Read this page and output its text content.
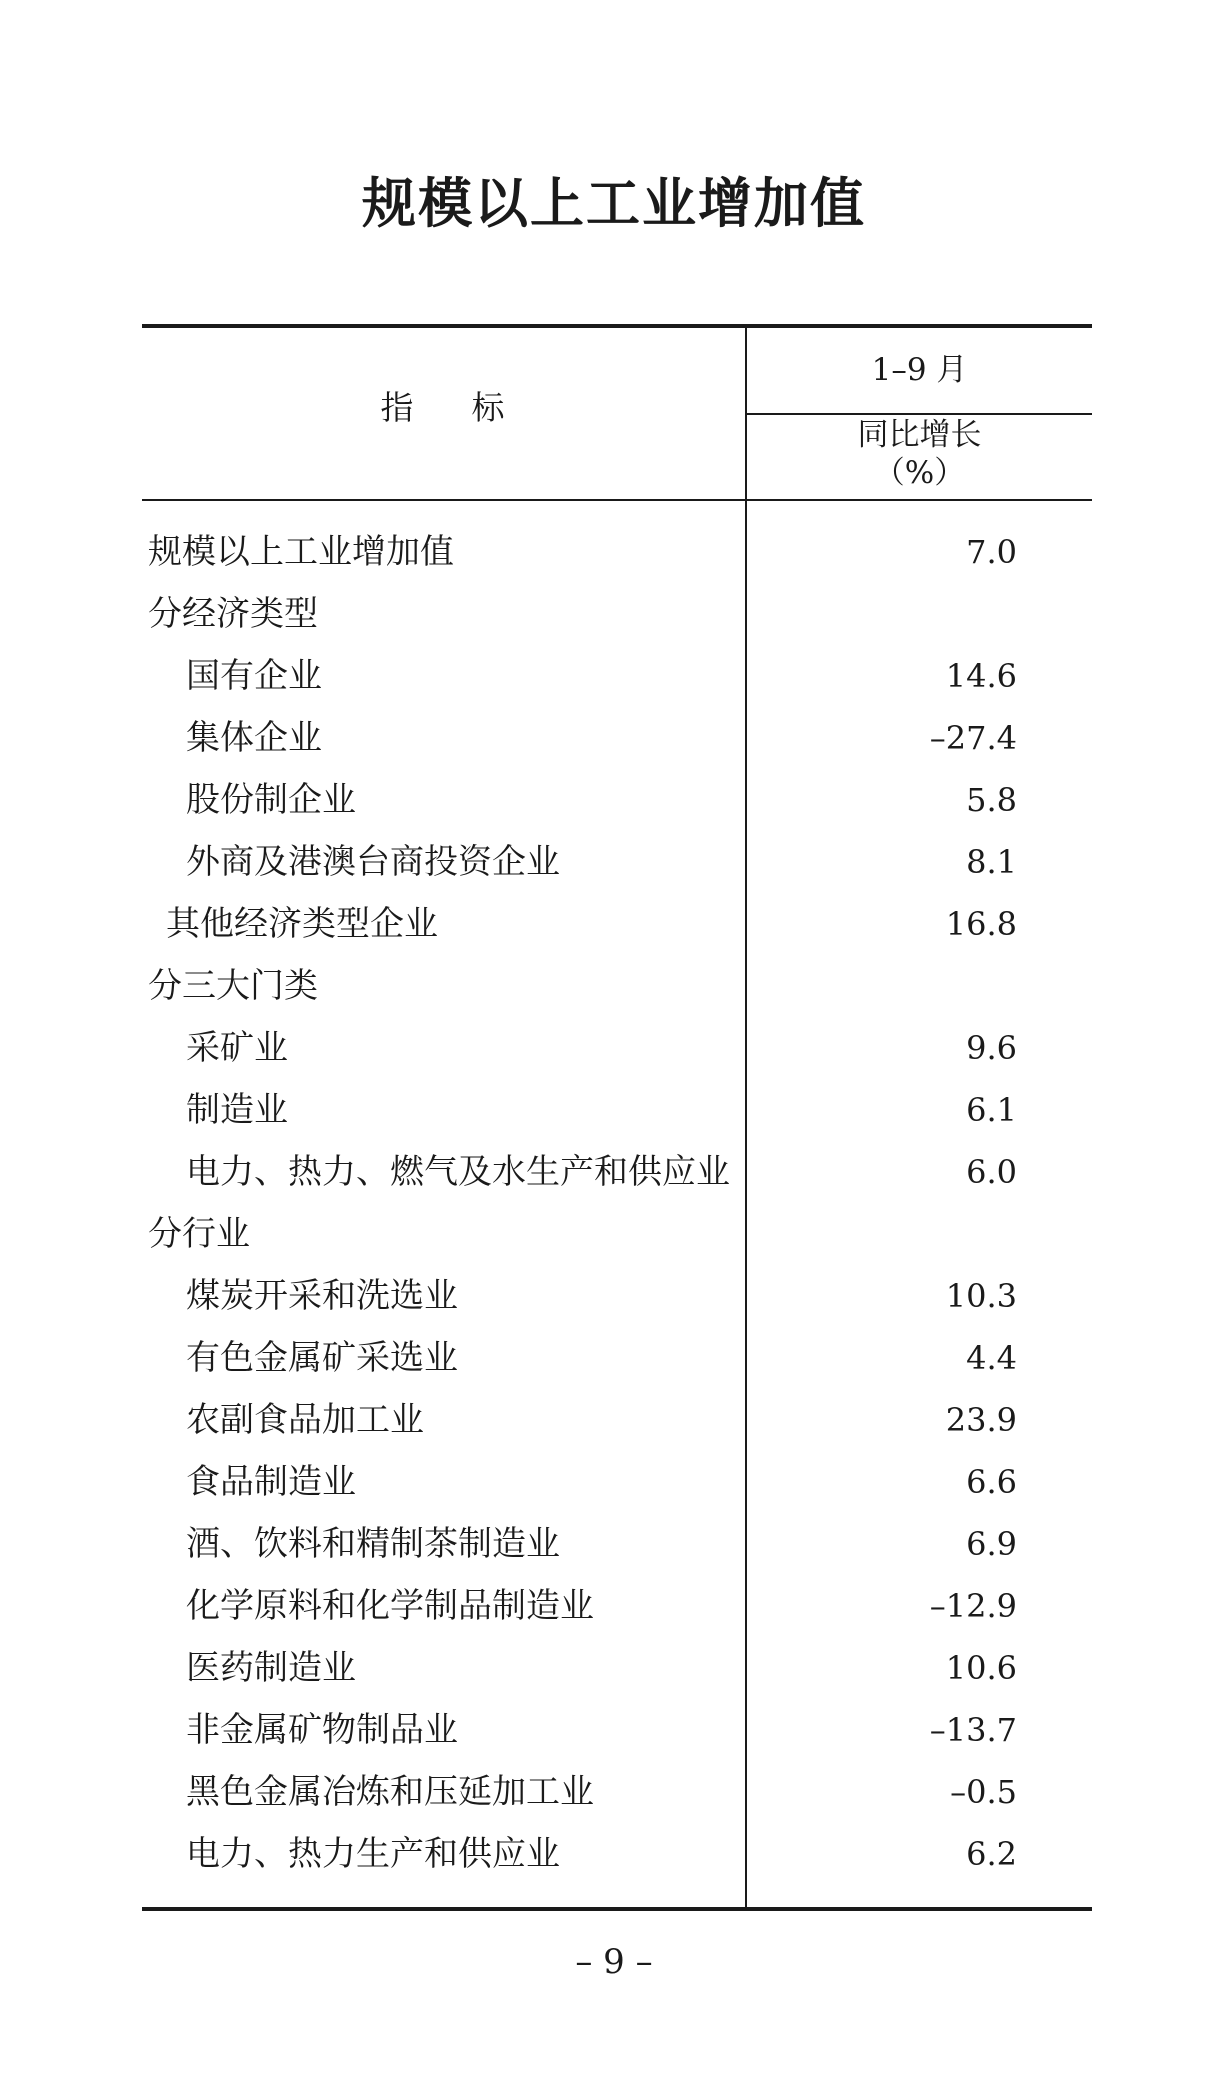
规模以上工业增加值
指 标
1–9 月
同比增长
（%）
规模以上工业增加值	7.0
分经济类型
国有企业	14.6
集体企业	–27.4
股份制企业	5.8
外商及港澳台商投资企业	8.1
其他经济类型企业	16.8
分三大门类
采矿业	9.6
制造业	6.1
电力、热力、燃气及水生产和供应业	6.0
分行业
煤炭开采和洗选业	10.3
有色金属矿采选业	4.4
农副食品加工业	23.9
食品制造业	6.6
酒、饮料和精制茶制造业	6.9
化学原料和化学制品制造业	–12.9
医药制造业	10.6
非金属矿物制品业	–13.7
黑色金属冶炼和压延加工业	–0.5
电力、热力生产和供应业	6.2
– 9 –
